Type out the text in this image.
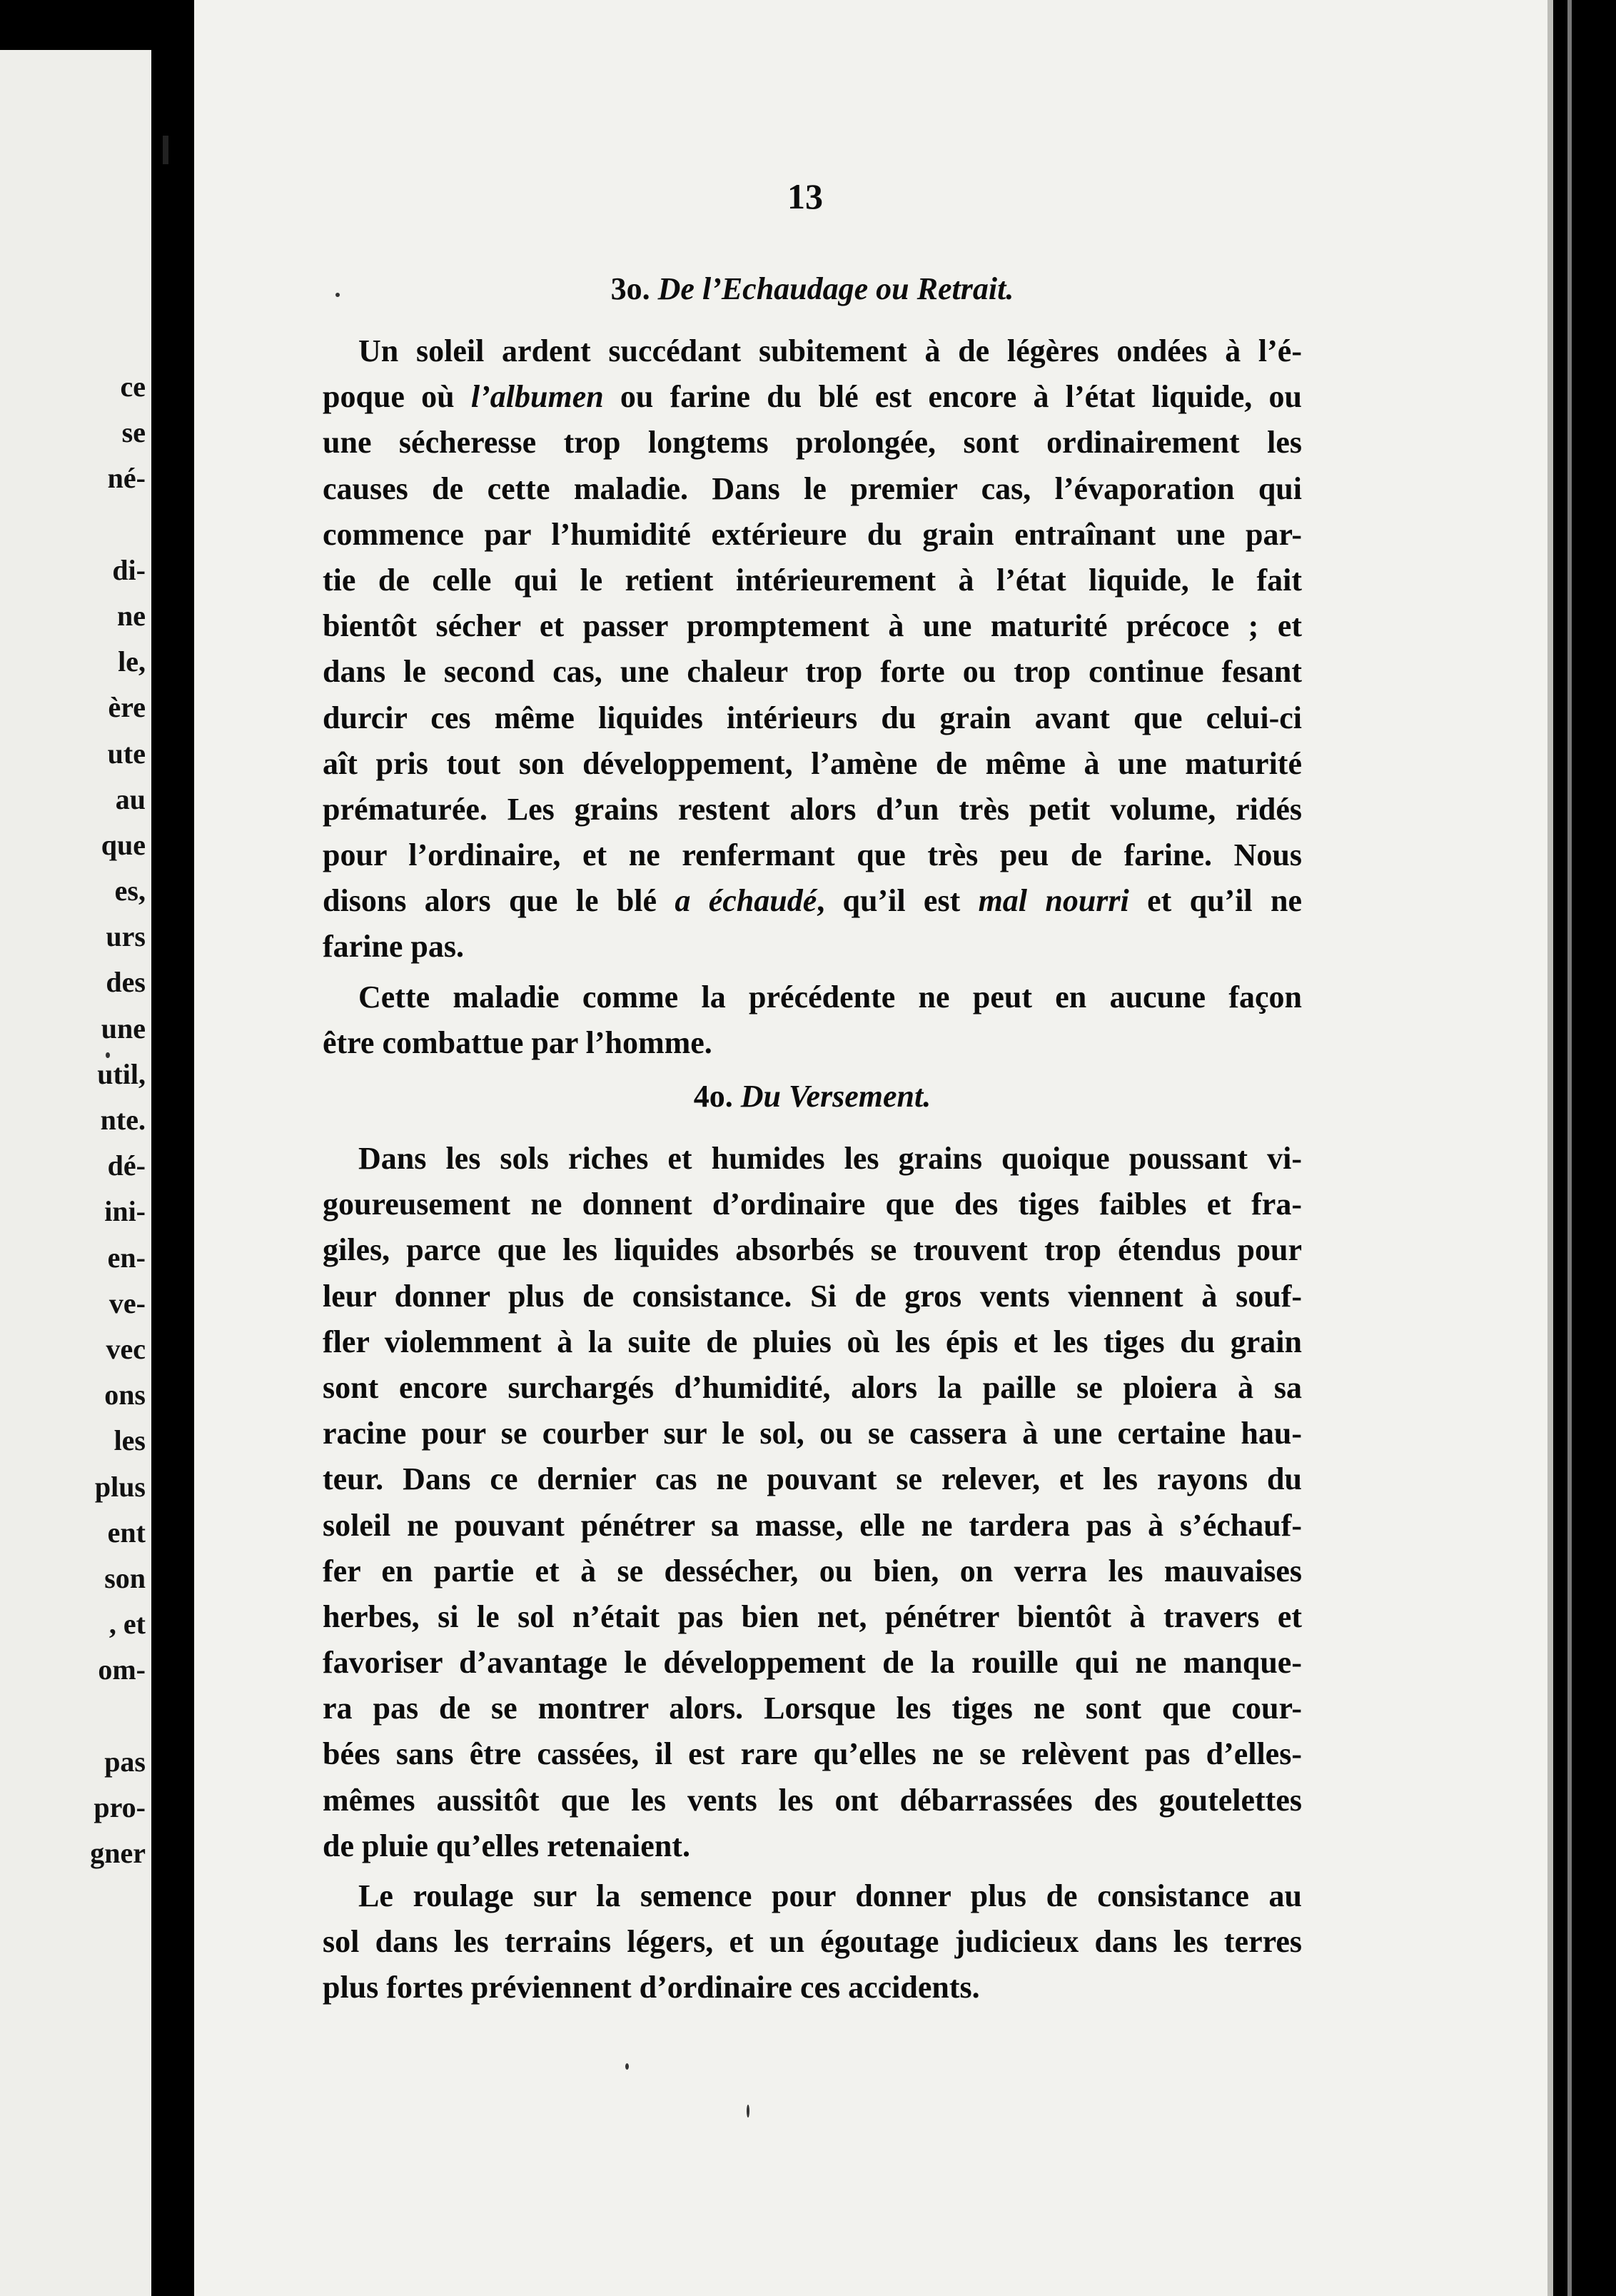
ce
se
né-

di-
ne
le,
ère
ute
au
que
es,
urs
des
une
util,
nte.
dé-
ini-
en-
ve-
vec
ons
les
plus
ent
son
, et
om-

pas
pro-
gner
13
3o. De l’Echaudage ou Retrait.
Un soleil ardent succédant subitement à de légères ondées à l’é-
poque où l’albumen ou farine du blé est encore à l’état liquide, ou
une sécheresse trop longtems prolongée, sont ordinairement les
causes de cette maladie. Dans le premier cas, l’évaporation qui
commence par l’humidité extérieure du grain entraînant une par-
tie de celle qui le retient intérieurement à l’état liquide, le fait
bientôt sécher et passer promptement à une maturité précoce ; et
dans le second cas, une chaleur trop forte ou trop continue fesant
durcir ces même liquides intérieurs du grain avant que celui-ci
aît pris tout son développement, l’amène de même à une maturité
prématurée. Les grains restent alors d’un très petit volume, ridés
pour l’ordinaire, et ne renfermant que très peu de farine. Nous
disons alors que le blé a échaudé, qu’il est mal nourri et qu’il ne
farine pas.
Cette maladie comme la précédente ne peut en aucune façon
être combattue par l’homme.
4o. Du Versement.
Dans les sols riches et humides les grains quoique poussant vi-
goureusement ne donnent d’ordinaire que des tiges faibles et fra-
giles, parce que les liquides absorbés se trouvent trop étendus pour
leur donner plus de consistance. Si de gros vents viennent à souf-
fler violemment à la suite de pluies où les épis et les tiges du grain
sont encore surchargés d’humidité, alors la paille se ploiera à sa
racine pour se courber sur le sol, ou se cassera à une certaine hau-
teur. Dans ce dernier cas ne pouvant se relever, et les rayons du
soleil ne pouvant pénétrer sa masse, elle ne tardera pas à s’échauf-
fer en partie et à se dessécher, ou bien, on verra les mauvaises
herbes, si le sol n’était pas bien net, pénétrer bientôt à travers et
favoriser d’avantage le développement de la rouille qui ne manque-
ra pas de se montrer alors. Lorsque les tiges ne sont que cour-
bées sans être cassées, il est rare qu’elles ne se relèvent pas d’elles-
mêmes aussitôt que les vents les ont débarrassées des goutelettes
de pluie qu’elles retenaient.
Le roulage sur la semence pour donner plus de consistance au
sol dans les terrains légers, et un égoutage judicieux dans les terres
plus fortes préviennent d’ordinaire ces accidents.
